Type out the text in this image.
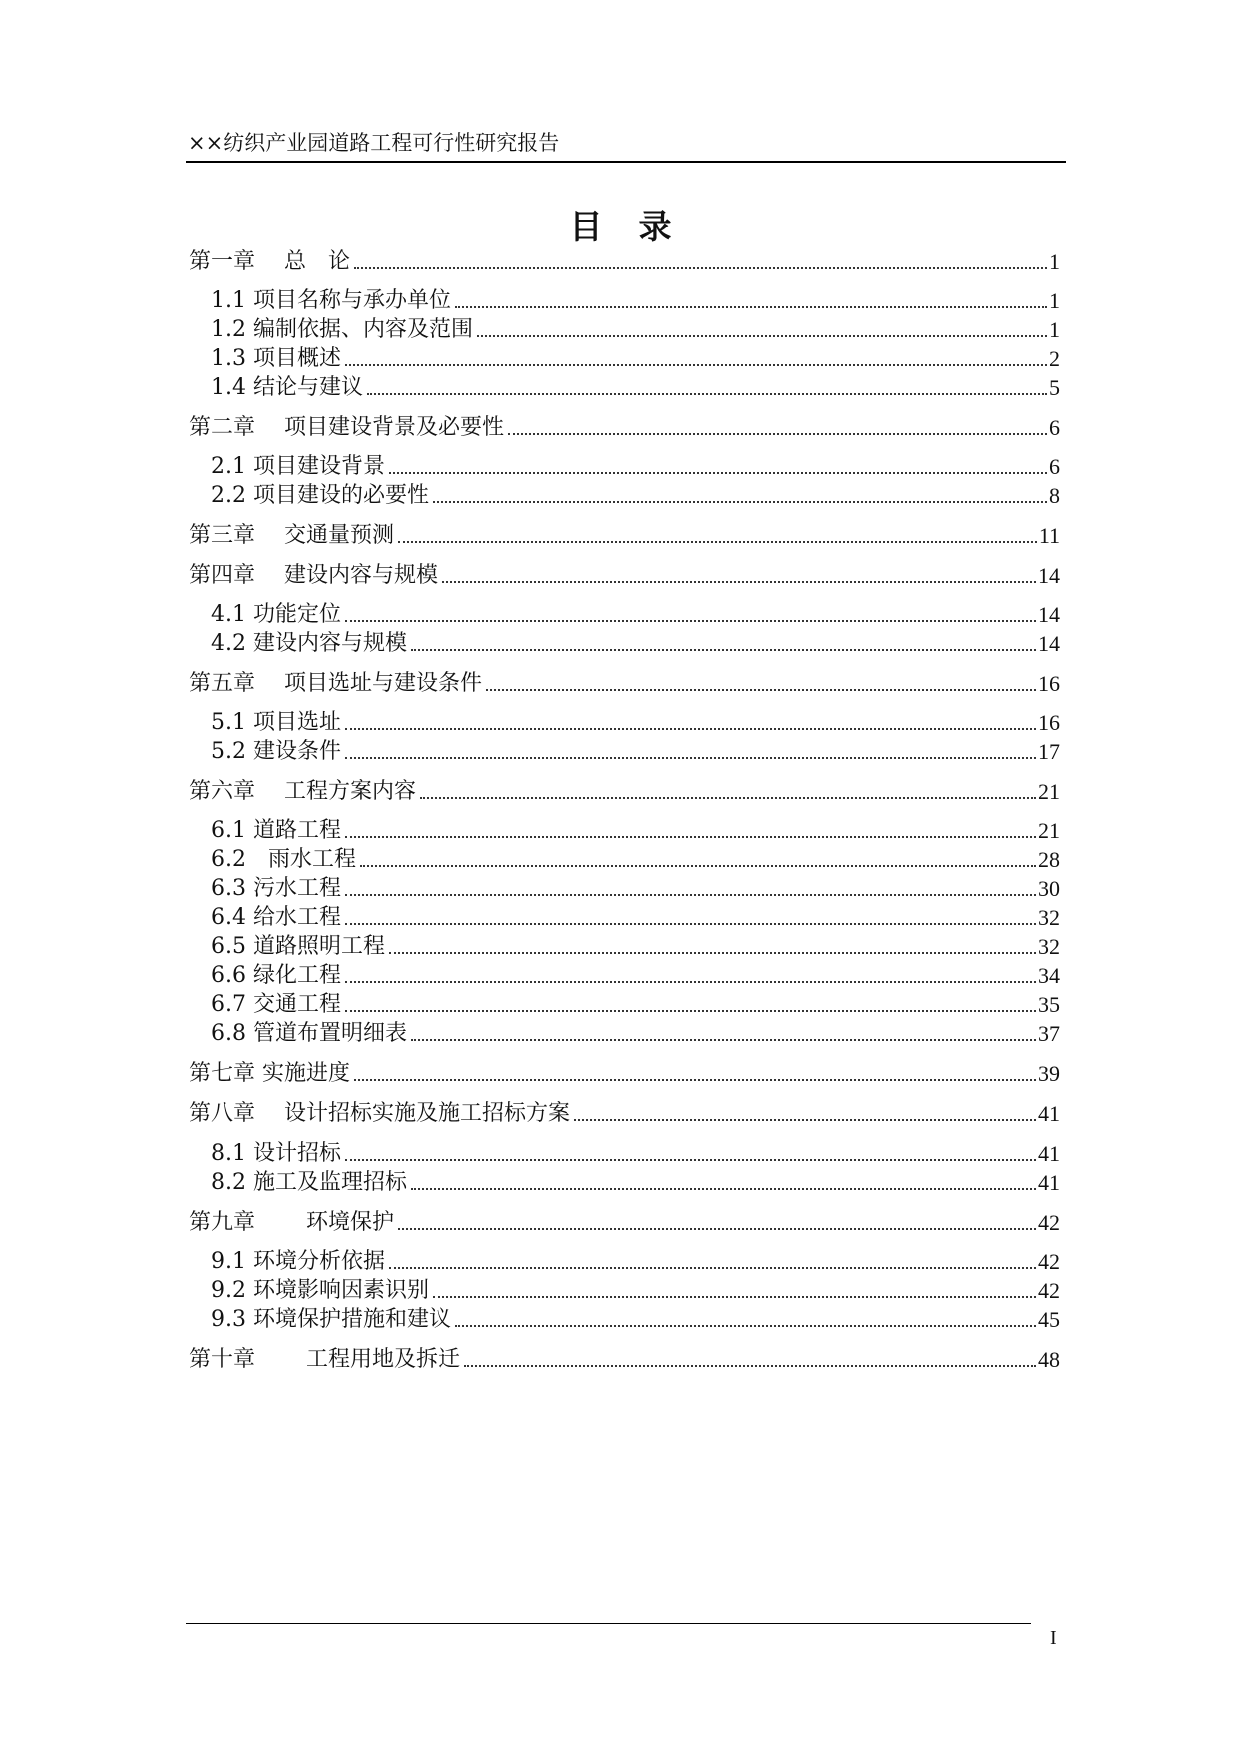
××纺织产业园道路工程可行性研究报告
目录
第一章　 总　论	1
1.1 项目名称与承办单位	1
1.2 编制依据、内容及范围	1
1.3 项目概述	2
1.4 结论与建议	5
第二章　 项目建设背景及必要性	6
2.1 项目建设背景	6
2.2 项目建设的必要性	8
第三章　 交通量预测	11
第四章　 建设内容与规模	14
4.1 功能定位	14
4.2 建设内容与规模	14
第五章　 项目选址与建设条件	16
5.1 项目选址	16
5.2 建设条件	17
第六章　 工程方案内容	21
6.1 道路工程	21
6.2　雨水工程	28
6.3 污水工程	30
6.4 给水工程	32
6.5 道路照明工程	32
6.6 绿化工程	34
6.7 交通工程	35
6.8 管道布置明细表	37
第七章 实施进度	39
第八章　 设计招标实施及施工招标方案	41
8.1 设计招标	41
8.2 施工及监理招标	41
第九章　　 环境保护	42
9.1 环境分析依据	42
9.2 环境影响因素识别	42
9.3 环境保护措施和建议	45
第十章　　 工程用地及拆迁	48
I
